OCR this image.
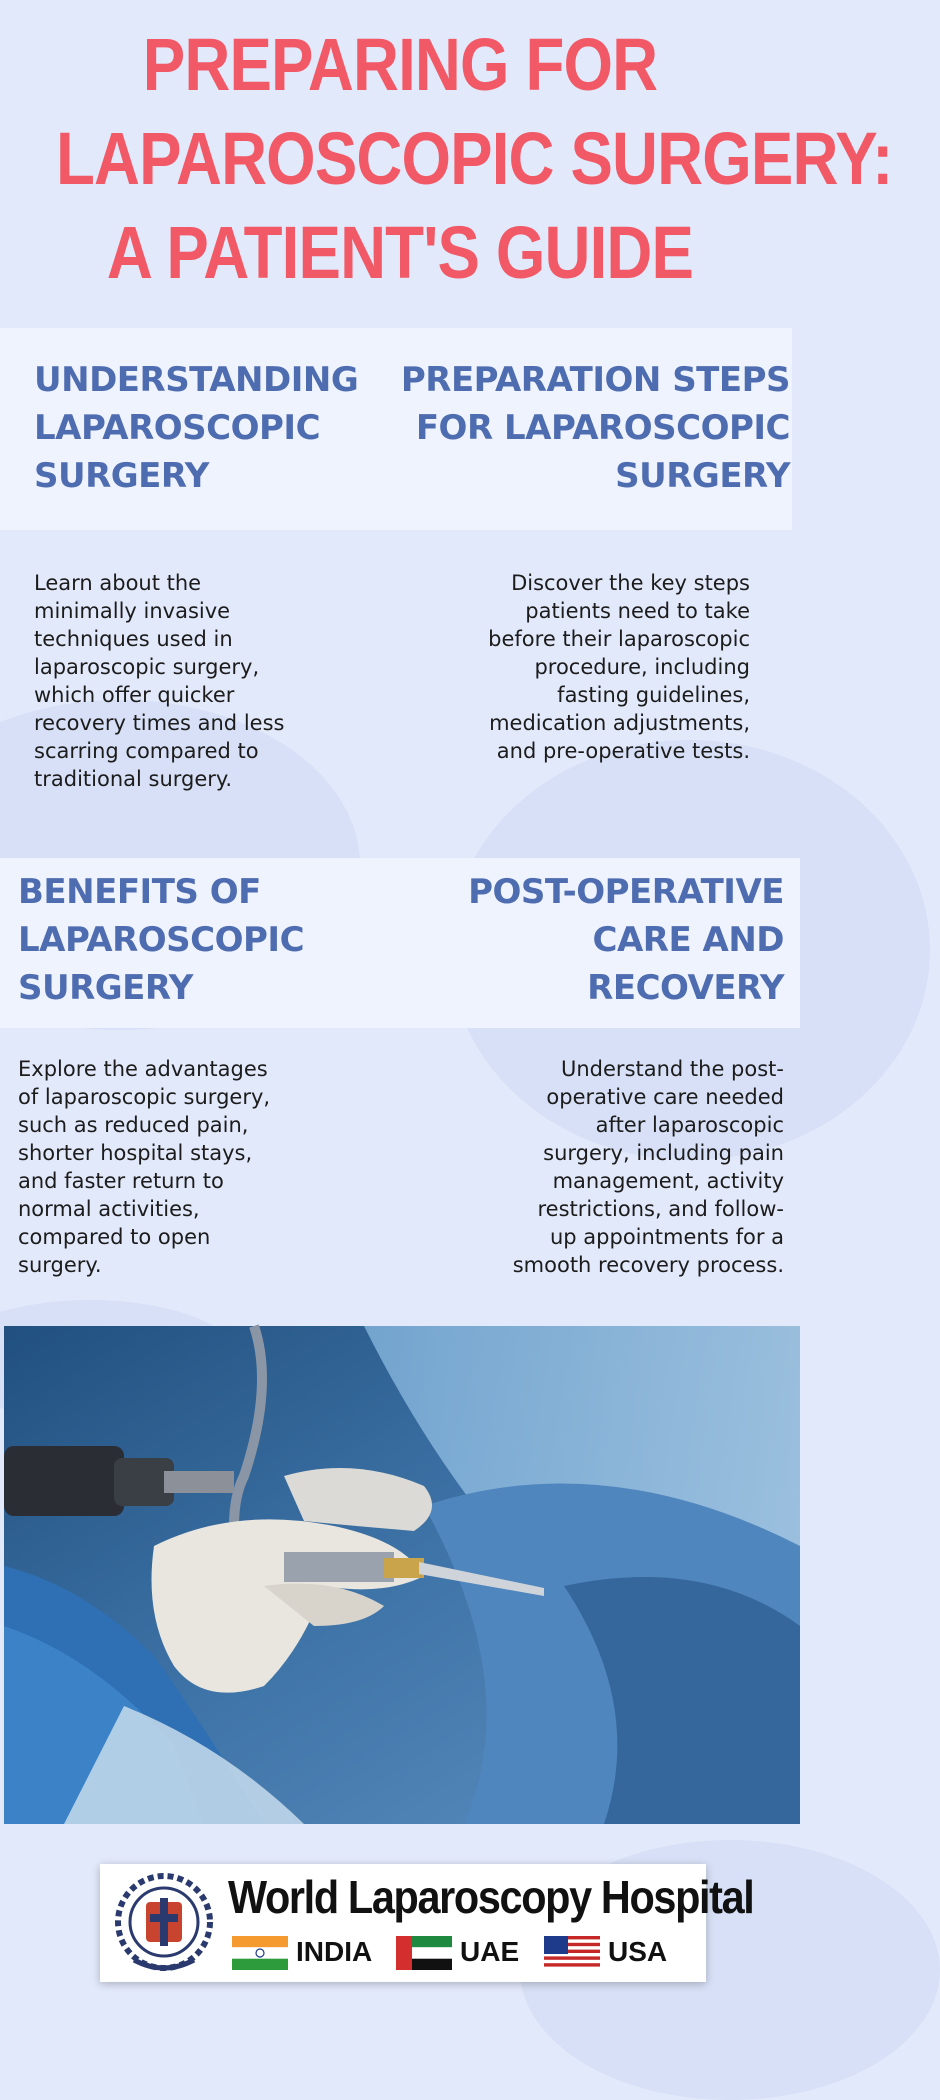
PREPARING FOR
LAPAROSCOPIC SURGERY:
A PATIENT'S GUIDE
UNDERSTANDING
LAPAROSCOPIC
SURGERY
Learn about the
minimally invasive
techniques used in
laparoscopic surgery,
which offer quicker
recovery times and less
scarring compared to
traditional surgery.
PREPARATION STEPS
FOR LAPAROSCOPIC
SURGERY
Discover the key steps
patients need to take
before their laparoscopic
procedure, including
fasting guidelines,
medication adjustments,
and pre-operative tests.
BENEFITS OF
LAPAROSCOPIC
SURGERY
Explore the advantages
of laparoscopic surgery,
such as reduced pain,
shorter hospital stays,
and faster return to
normal activities,
compared to open
surgery.
POST-OPERATIVE
CARE AND
RECOVERY
Understand the post-
operative care needed
after laparoscopic
surgery, including pain
management, activity
restrictions, and follow-
up appointments for a
smooth recovery process.
World Laparoscopy Hospital
INDIA	UAE	USA
